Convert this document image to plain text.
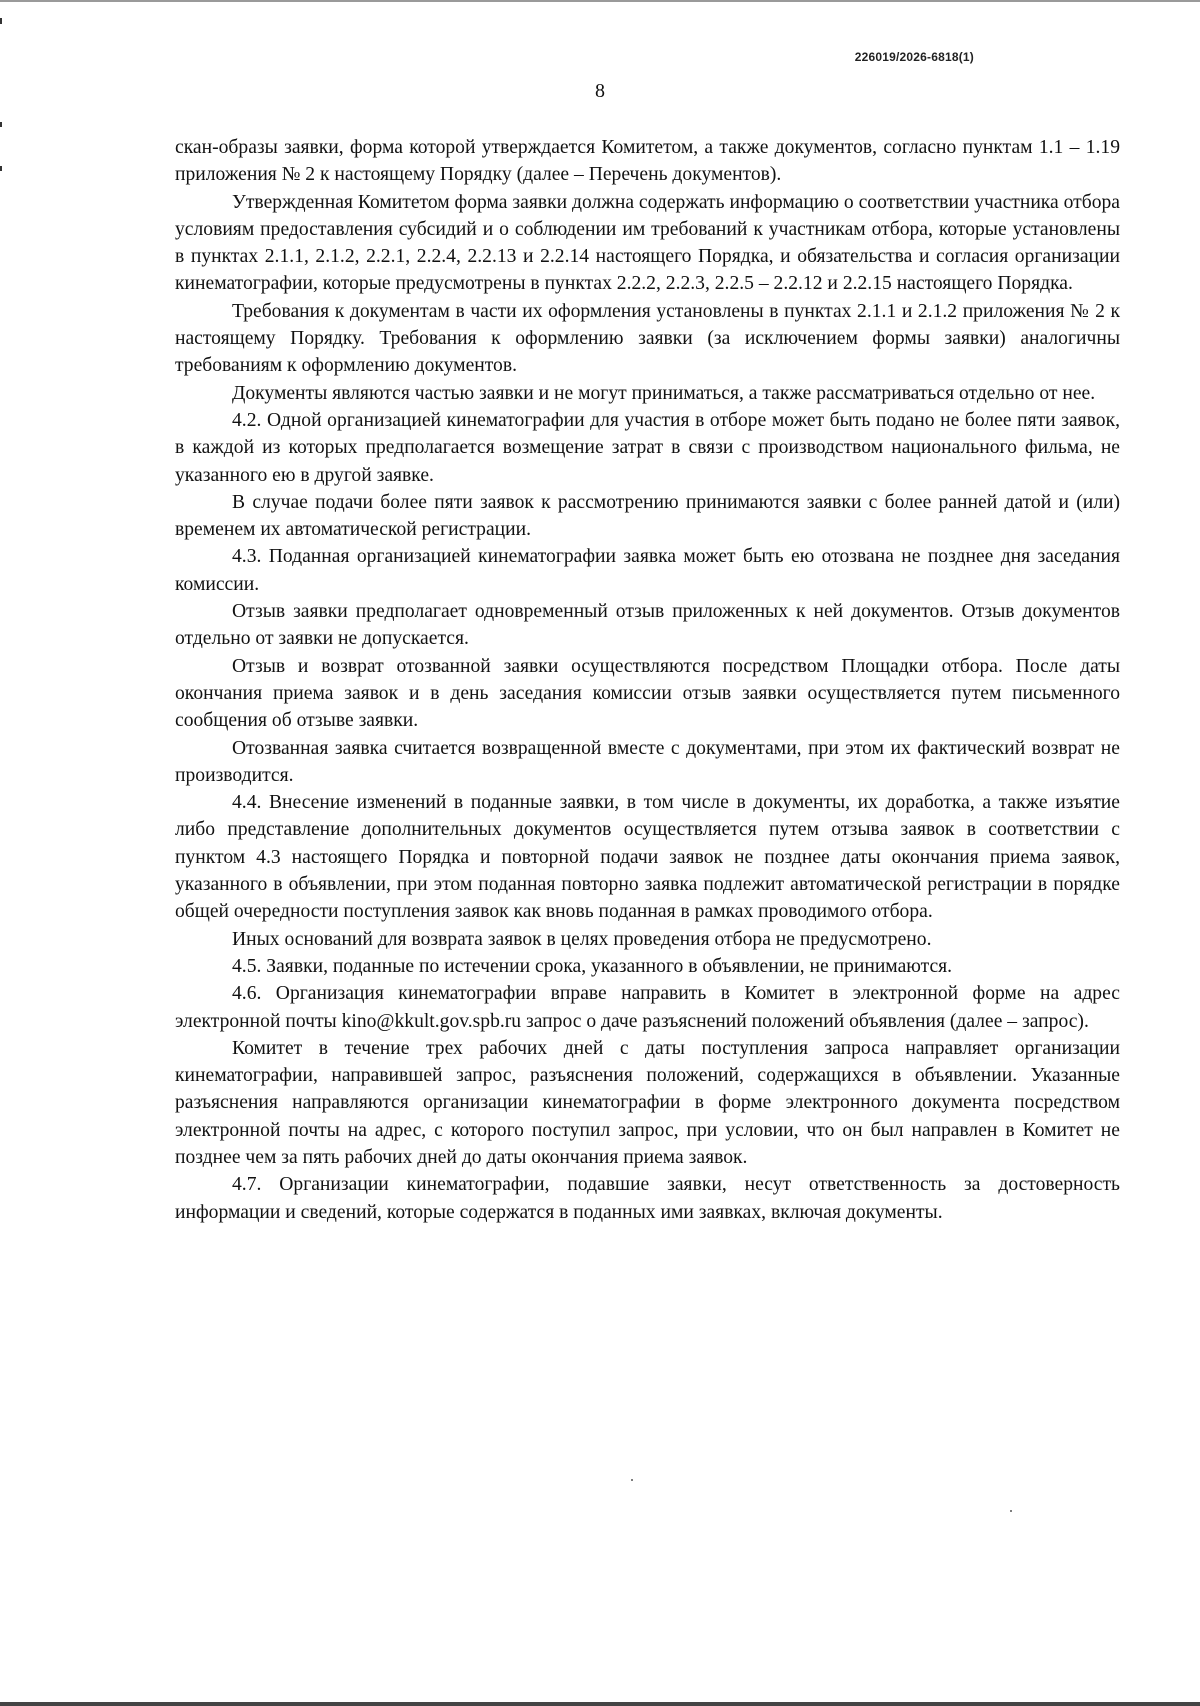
226019/2026-6818(1)
8

скан-образы заявки, форма которой утверждается Комитетом, а также документов, согласно пунктам 1.1 – 1.19 приложения № 2 к настоящему Порядку (далее – Перечень документов).

Утвержденная Комитетом форма заявки должна содержать информацию о соответствии участника отбора условиям предоставления субсидий и о соблюдении им требований к участникам отбора, которые установлены в пунктах 2.1.1, 2.1.2, 2.2.1, 2.2.4, 2.2.13 и 2.2.14 настоящего Порядка, и обязательства и согласия организации кинематографии, которые предусмотрены в пунктах 2.2.2, 2.2.3, 2.2.5 – 2.2.12 и 2.2.15 настоящего Порядка.

Требования к документам в части их оформления установлены в пунктах 2.1.1 и 2.1.2 приложения № 2 к настоящему Порядку. Требования к оформлению заявки (за исключением формы заявки) аналогичны требованиям к оформлению документов.

Документы являются частью заявки и не могут приниматься, а также рассматриваться отдельно от нее.

4.2. Одной организацией кинематографии для участия в отборе может быть подано не более пяти заявок, в каждой из которых предполагается возмещение затрат в связи с производством национального фильма, не указанного ею в другой заявке.

В случае подачи более пяти заявок к рассмотрению принимаются заявки с более ранней датой и (или) временем их автоматической регистрации.

4.3. Поданная организацией кинематографии заявка может быть ею отозвана не позднее дня заседания комиссии.

Отзыв заявки предполагает одновременный отзыв приложенных к ней документов. Отзыв документов отдельно от заявки не допускается.

Отзыв и возврат отозванной заявки осуществляются посредством Площадки отбора. После даты окончания приема заявок и в день заседания комиссии отзыв заявки осуществляется путем письменного сообщения об отзыве заявки.

Отозванная заявка считается возвращенной вместе с документами, при этом их фактический возврат не производится.

4.4. Внесение изменений в поданные заявки, в том числе в документы, их доработка, а также изъятие либо представление дополнительных документов осуществляется путем отзыва заявок в соответствии с пунктом 4.3 настоящего Порядка и повторной подачи заявок не позднее даты окончания приема заявок, указанного в объявлении, при этом поданная повторно заявка подлежит автоматической регистрации в порядке общей очередности поступления заявок как вновь поданная в рамках проводимого отбора.

Иных оснований для возврата заявок в целях проведения отбора не предусмотрено.

4.5. Заявки, поданные по истечении срока, указанного в объявлении, не принимаются.

4.6. Организация кинематографии вправе направить в Комитет в электронной форме на адрес электронной почты kino@kkult.gov.spb.ru запрос о даче разъяснений положений объявления (далее – запрос).

Комитет в течение трех рабочих дней с даты поступления запроса направляет организации кинематографии, направившей запрос, разъяснения положений, содержащихся в объявлении. Указанные разъяснения направляются организации кинематографии в форме электронного документа посредством электронной почты на адрес, с которого поступил запрос, при условии, что он был направлен в Комитет не позднее чем за пять рабочих дней до даты окончания приема заявок.

4.7. Организации кинематографии, подавшие заявки, несут ответственность за достоверность информации и сведений, которые содержатся в поданных ими заявках, включая документы.
